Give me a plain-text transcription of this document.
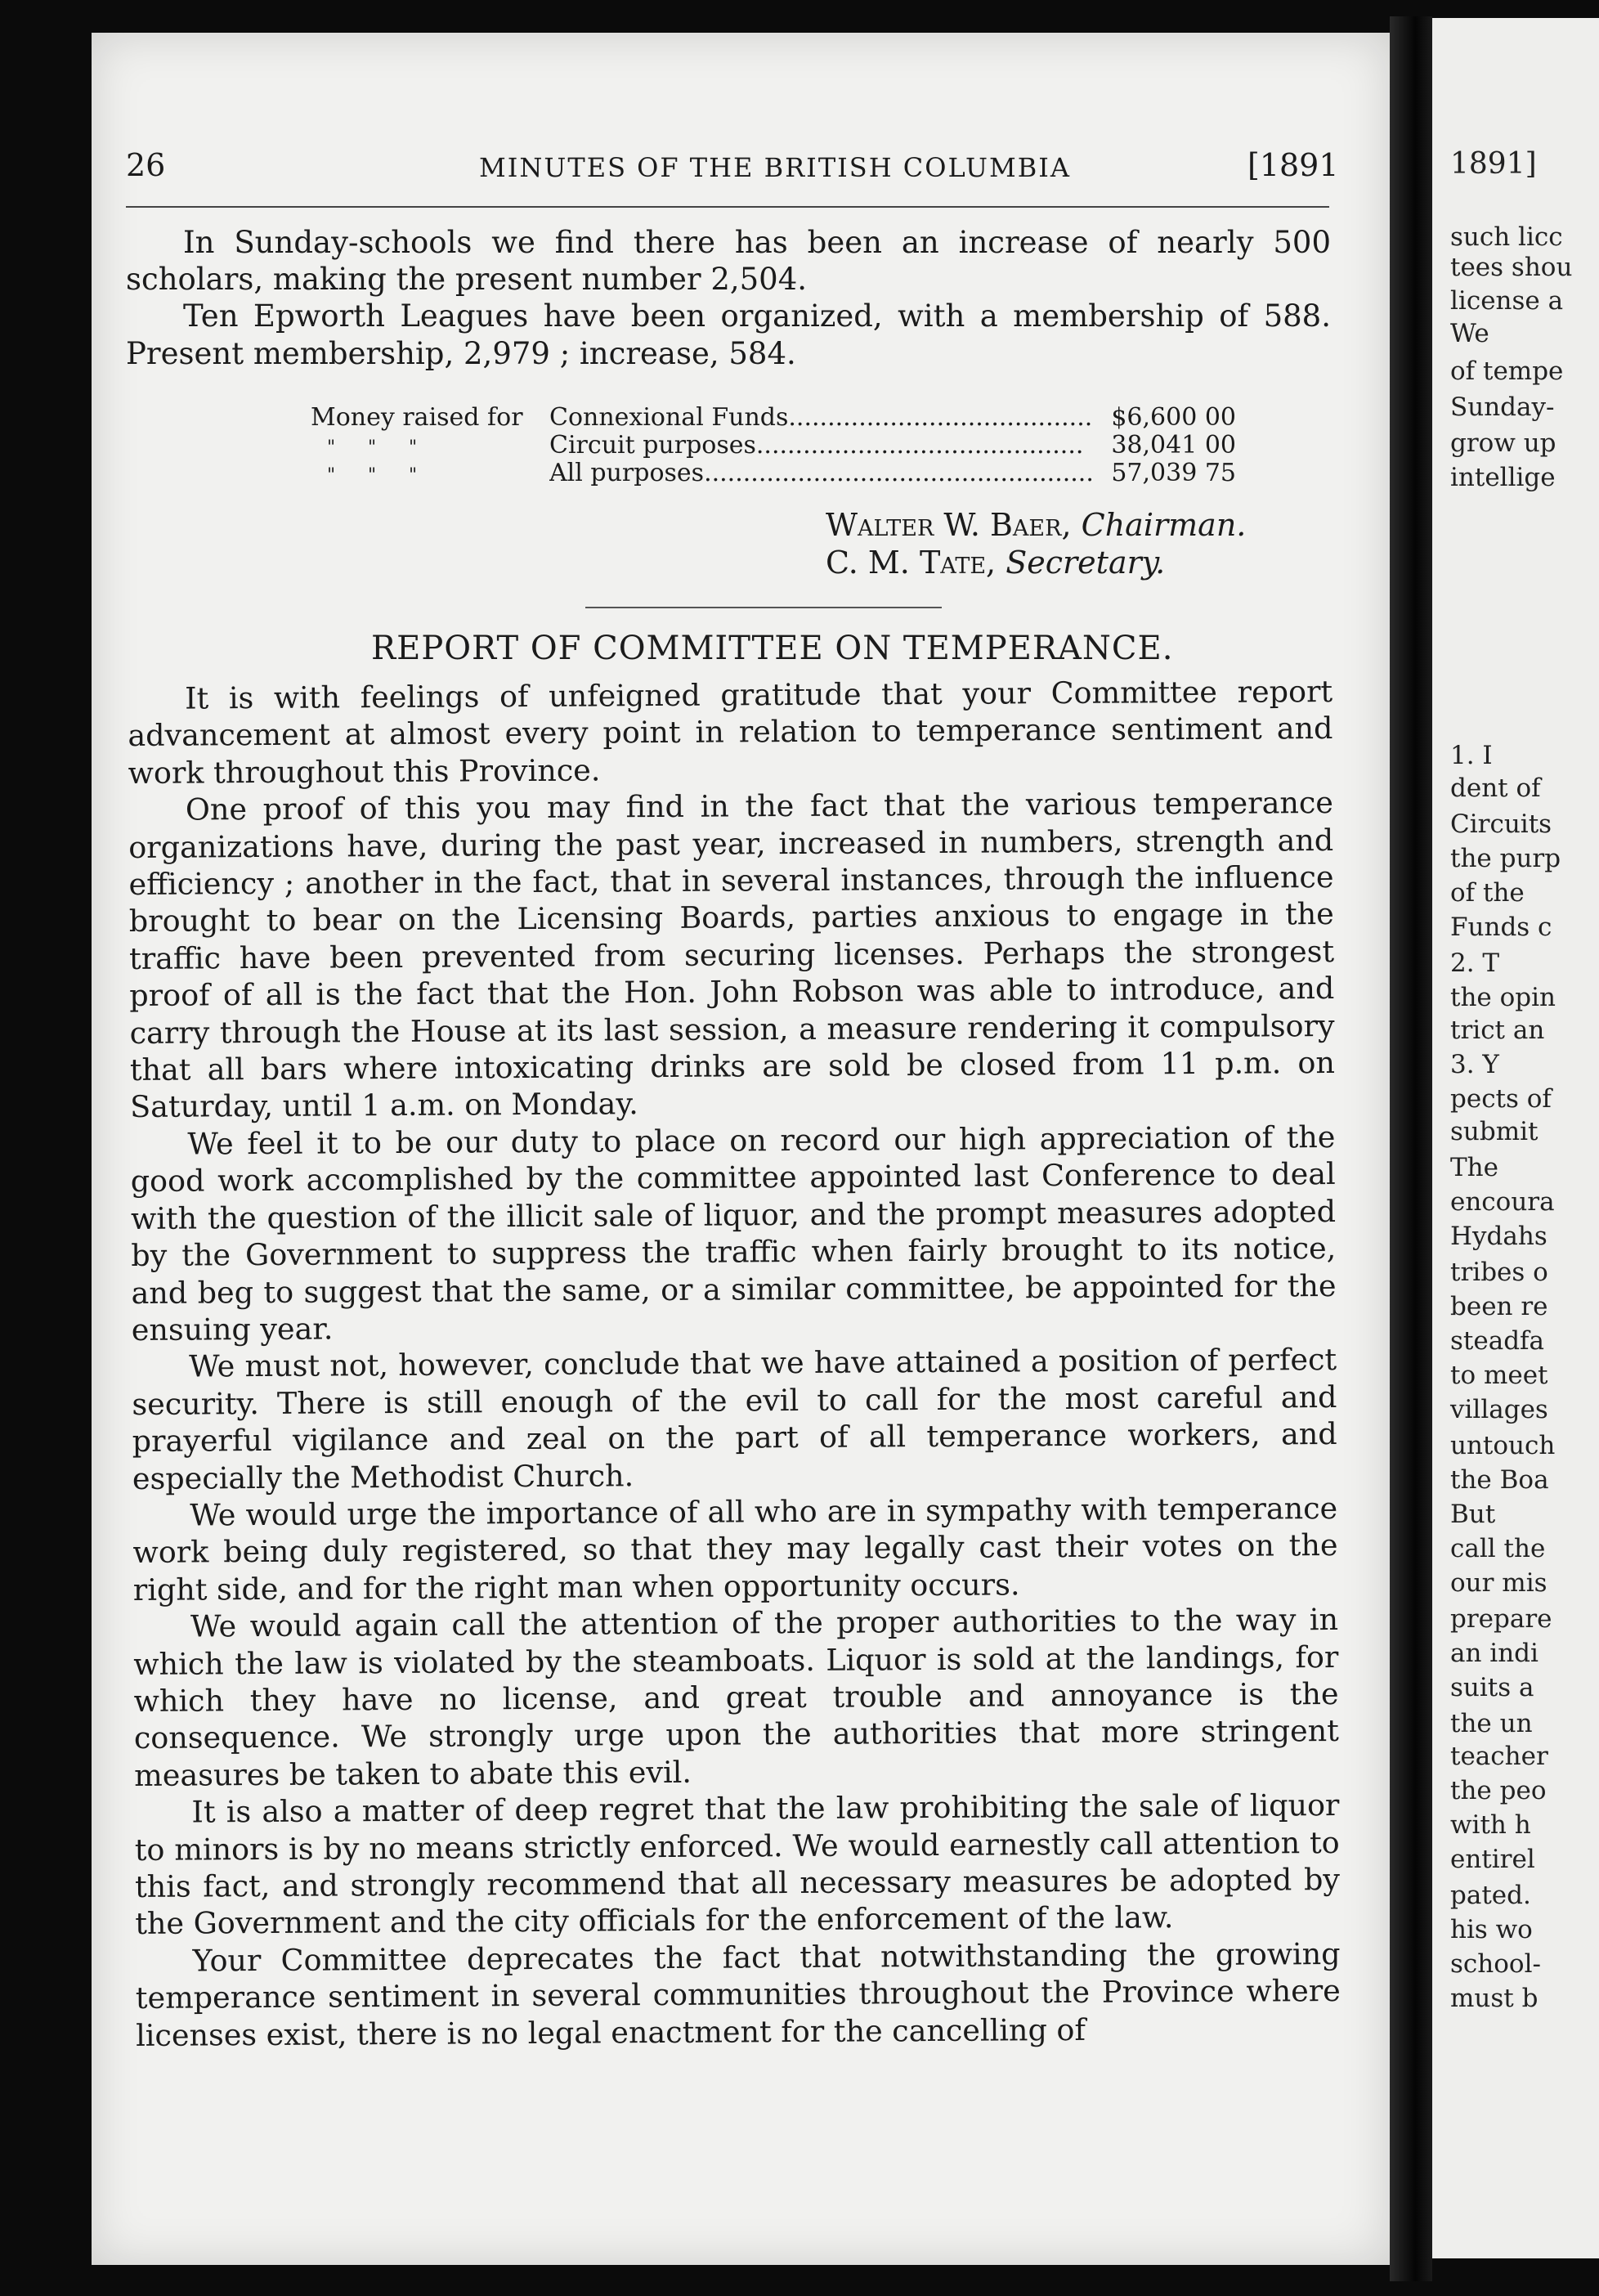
1891]
such licc
tees shou
license a
We
of tempe
Sunday-
grow up
intellige
1. I
dent of
Circuits
the purp
of the
Funds c
2. T
the opin
trict an
3. Y
pects of
submit
The
encoura
Hydahs
tribes o
been re
steadfa
to meet
villages
untouch
the Boa
But
call the
our mis
prepare
an indi
suits a
the un
teacher
the peo
with h
entirel
pated.
his wo
school-
must b
26	MINUTES OF THE BRITISH COLUMBIA	[1891

In Sunday-schools we find there has been an increase of nearly 500 scholars, making the present number 2,504.

Ten Epworth Leagues have been organized, with a membership of 588. Present membership, 2,979 ; increase, 584.

Money raised for	Connexional Funds....................................... $6,600 00
" " "	Circuit purposes..........................................	38,041 00
" " "	All purposes.................................................. 57,039 75
Walter W. Baer, Chairman.
C. M. Tate, Secretary.
REPORT OF COMMITTEE ON TEMPERANCE.

It is with feelings of unfeigned gratitude that your Committee report advancement at almost every point in relation to temperance sentiment and work throughout this Province.

One proof of this you may find in the fact that the various temperance organizations have, during the past year, increased in numbers, strength and efficiency ; another in the fact, that in several instances, through the influence brought to bear on the Licensing Boards, parties anxious to engage in the traffic have been prevented from securing licenses. Perhaps the strongest proof of all is the fact that the Hon. John Robson was able to introduce, and carry through the House at its last session, a measure rendering it compulsory that all bars where intoxicating drinks are sold be closed from 11 p.m. on Saturday, until 1 a.m. on Monday.

We feel it to be our duty to place on record our high appreciation of the good work accomplished by the committee appointed last Conference to deal with the question of the illicit sale of liquor, and the prompt measures adopted by the Government to suppress the traffic when fairly brought to its notice, and beg to suggest that the same, or a similar committee, be appointed for the ensuing year.

We must not, however, conclude that we have attained a position of perfect security. There is still enough of the evil to call for the most careful and prayerful vigilance and zeal on the part of all temperance workers, and especially the Methodist Church.

We would urge the importance of all who are in sympathy with temperance work being duly registered, so that they may legally cast their votes on the right side, and for the right man when opportunity occurs.

We would again call the attention of the proper authorities to the way in which the law is violated by the steamboats. Liquor is sold at the landings, for which they have no license, and great trouble and annoyance is the consequence. We strongly urge upon the authorities that more stringent measures be taken to abate this evil.

It is also a matter of deep regret that the law prohibiting the sale of liquor to minors is by no means strictly enforced. We would earnestly call attention to this fact, and strongly recommend that all necessary measures be adopted by the Government and the city officials for the enforcement of the law.

Your Committee deprecates the fact that notwithstanding the growing temperance sentiment in several communities throughout the Province where licenses exist, there is no legal enactment for the cancelling of
